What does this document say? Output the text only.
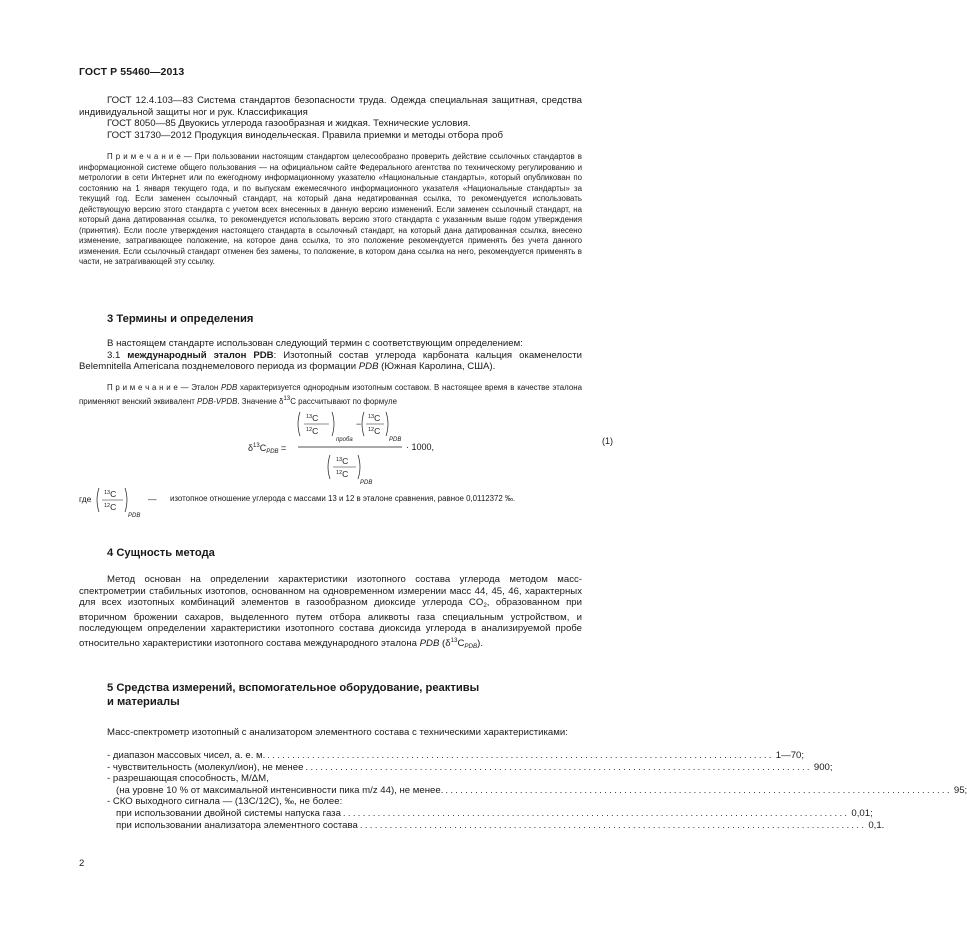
ГОСТ Р 55460—2013

ГОСТ 12.4.103—83 Система стандартов безопасности труда. Одежда специальная защитная, средства индивидуальной защиты ног и рук. Классификация

ГОСТ 8050—85 Двуокись углерода газообразная и жидкая. Технические условия.

ГОСТ 31730—2012 Продукция винодельческая. Правила приемки и методы отбора проб

П р и м е ч а н и е — При пользовании настоящим стандартом целесообразно проверить действие ссылочных стандартов в информационной системе общего пользования — на официальном сайте Федерального агентства по техническому регулированию и метрологии в сети Интернет или по ежегодному информационному указателю «Национальные стандарты», который опубликован по состоянию на 1 января текущего года, и по выпускам ежемесячного информационного указателя «Национальные стандарты» за текущий год. Если заменен ссылочный стандарт, на который дана недатированная ссылка, то рекомендуется использовать действующую версию этого стандарта с учетом всех внесенных в данную версию изменений. Если заменен ссылочный стандарт, на который дана датированная ссылка, то рекомендуется использовать версию этого стандарта с указанным выше годом утверждения (принятия). Если после утверждения настоящего стандарта в ссылочный стандарт, на который дана датированная ссылка, внесено изменение, затрагивающее положение, на которое дана ссылка, то это положение рекомендуется применять без учета данного изменения. Если ссылочный стандарт отменен без замены, то положение, в котором дана ссылка на него, рекомендуется применять в части, не затрагивающей эту ссылку.

3 Термины и определения

В настоящем стандарте использован следующий термин с соответствующим определением:

3.1 международный эталон PDB: Изотопный состав углерода карбоната кальция окаменелости Belemnitella Americana позднемелового периода из формации PDB (Южная Каролина, США).

П р и м е ч а н и е — Эталон PDB характеризуется однородным изотопным составом. В настоящее время в качестве эталона применяют венский эквивалент PDB-VPDB. Значение $\delta^{13}C$ рассчитывают по формуле

$\delta^{13}C_{PDB}$ =
$^{13}$C
$^{12}$C
проба
−
$^{13}$C
$^{12}$C
PDB
$^{13}$C
$^{12}$C
PDB
· 1000,
(1)
где
$^{13}$C
$^{12}$C
PDB
— изотопное отношение углерода с массами 13 и 12 в эталоне сравнения, равное 0,0112372 ‰.

4 Сущность метода

Метод основан на определении характеристики изотопного состава углерода методом масс-спектрометрии стабильных изотопов, основанном на одновременном измерении масс 44, 45, 46, характерных для всех изотопных комбинаций элементов в газообразном диоксиде углерода $CO_2$, образованном при вторичном брожении сахаров, выделенного путем отбора аликвоты газа специальным устройством, и последующем определении характеристики изотопного состава диоксида углерода в анализируемой пробе относительно характеристики изотопного состава международного эталона PDB $(\delta^{13}C_{PDB})$.

5 Средства измерений, вспомогательное оборудование, реактивы

и материалы

Масс-спектрометр изотопный с анализатором элементного состава с техническими характеристиками:

- диапазон массовых чисел, а. е. м. ...................................................................................................... 1—70;
- чувствительность (молекул/ион), не менее ...................................................................................................... 900;
- разрешающая способность, M/ΔM,
(на уровне 10 % от максимальной интенсивности пика m/z 44), не менее. ...................................................................................................... 95;
- СКО выходного сигнала — (13C/12C), ‰, не более:
при использовании двойной системы напуска газа ...................................................................................................... 0,01;
при использовании анализатора элементного состава ...................................................................................................... 0,1.
2
